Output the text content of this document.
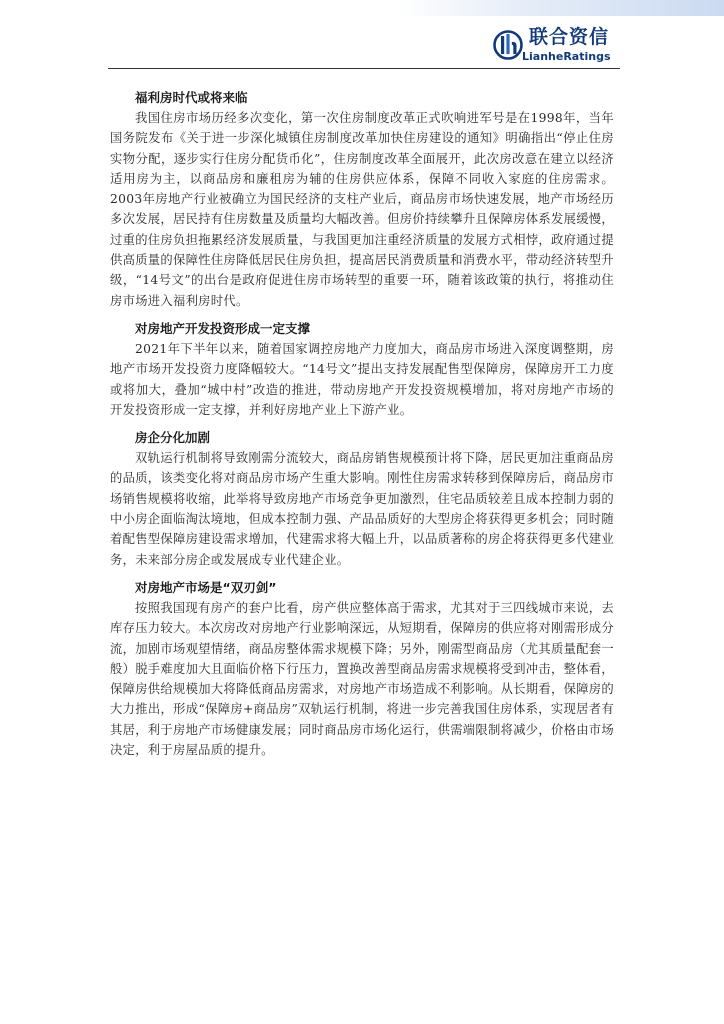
联合资信
LianheRatings
福利房时代或将来临

我国住房市场历经多次变化，第一次住房制度改革正式吹响进军号是在1998年，当年国务院发布《关于进一步深化城镇住房制度改革加快住房建设的通知》明确指出“停止住房实物分配，逐步实行住房分配货币化”，住房制度改革全面展开，此次房改意在建立以经济适用房为主，以商品房和廉租房为辅的住房供应体系，保障不同收入家庭的住房需求。2003年房地产行业被确立为国民经济的支柱产业后，商品房市场快速发展，地产市场经历多次发展，居民持有住房数量及质量均大幅改善。但房价持续攀升且保障房体系发展缓慢，过重的住房负担拖累经济发展质量，与我国更加注重经济质量的发展方式相悖，政府通过提供高质量的保障性住房降低居民住房负担，提高居民消费质量和消费水平，带动经济转型升级，“14号文”的出台是政府促进住房市场转型的重要一环，随着该政策的执行，将推动住房市场进入福利房时代。

对房地产开发投资形成一定支撑

2021年下半年以来，随着国家调控房地产力度加大，商品房市场进入深度调整期，房地产市场开发投资力度降幅较大。“14号文”提出支持发展配售型保障房，保障房开工力度或将加大，叠加“城中村”改造的推进，带动房地产开发投资规模增加，将对房地产市场的开发投资形成一定支撑，并利好房地产业上下游产业。

房企分化加剧

双轨运行机制将导致刚需分流较大，商品房销售规模预计将下降，居民更加注重商品房的品质，该类变化将对商品房市场产生重大影响。刚性住房需求转移到保障房后，商品房市场销售规模将收缩，此举将导致房地产市场竞争更加激烈，住宅品质较差且成本控制力弱的中小房企面临淘汰境地，但成本控制力强、产品品质好的大型房企将获得更多机会；同时随着配售型保障房建设需求增加，代建需求将大幅上升，以品质著称的房企将获得更多代建业务，未来部分房企或发展成专业代建企业。

对房地产市场是“双刃剑”

按照我国现有房产的套户比看，房产供应整体高于需求，尤其对于三四线城市来说，去库存压力较大。本次房改对房地产行业影响深远，从短期看，保障房的供应将对刚需形成分流，加剧市场观望情绪，商品房整体需求规模下降；另外，刚需型商品房（尤其质量配套一般）脱手难度加大且面临价格下行压力，置换改善型商品房需求规模将受到冲击，整体看，保障房供给规模加大将降低商品房需求，对房地产市场造成不利影响。从长期看，保障房的大力推出，形成“保障房+商品房”双轨运行机制，将进一步完善我国住房体系，实现居者有其居，利于房地产市场健康发展；同时商品房市场化运行，供需端限制将减少，价格由市场决定，利于房屋品质的提升。
